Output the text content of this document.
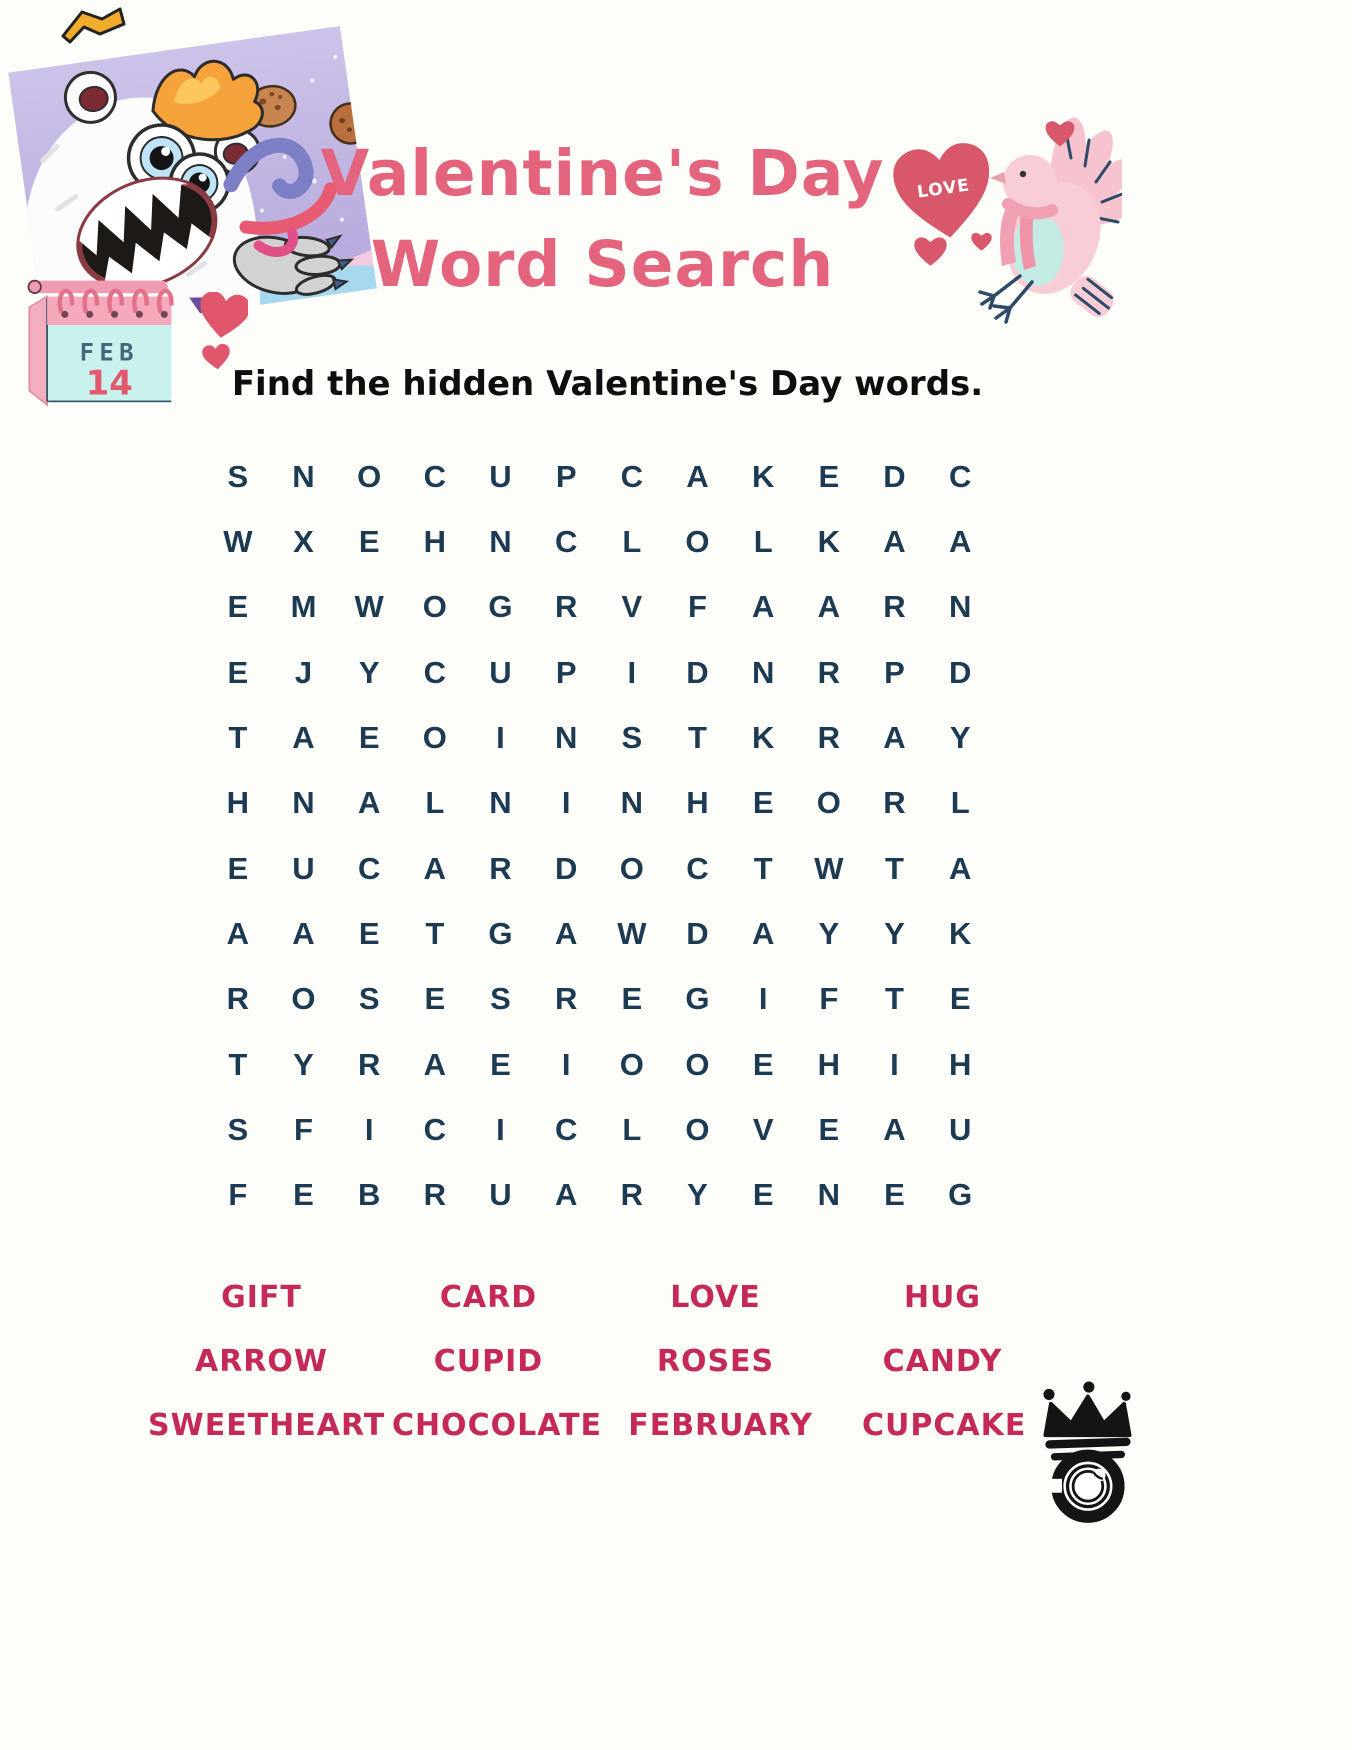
FEB
14
Valentine's Day
Word Search
LOVE
Find the hidden Valentine's Day words.
S	N	O	C	U	P	C	A	K	E	D	C
W	X	E	H	N	C	L	O	L	K	A	A
E	M	W	O	G	R	V	F	A	A	R	N
E	J	Y	C	U	P	I	D	N	R	P	D
T	A	E	O	I	N	S	T	K	R	A	Y
H	N	A	L	N	I	N	H	E	O	R	L
E	U	C	A	R	D	O	C	T	W	T	A
A	A	E	T	G	A	W	D	A	Y	Y	K
R	O	S	E	S	R	E	G	I	F	T	E
T	Y	R	A	E	I	O	O	E	H	I	H
S	F	I	C	I	C	L	O	V	E	A	U
F	E	B	R	U	A	R	Y	E	N	E	G
GIFT	CARD	LOVE	HUG
ARROW	CUPID	ROSES	CANDY
SWEETHEART CHOCOLATE FEBRUARY	CUPCAKE
